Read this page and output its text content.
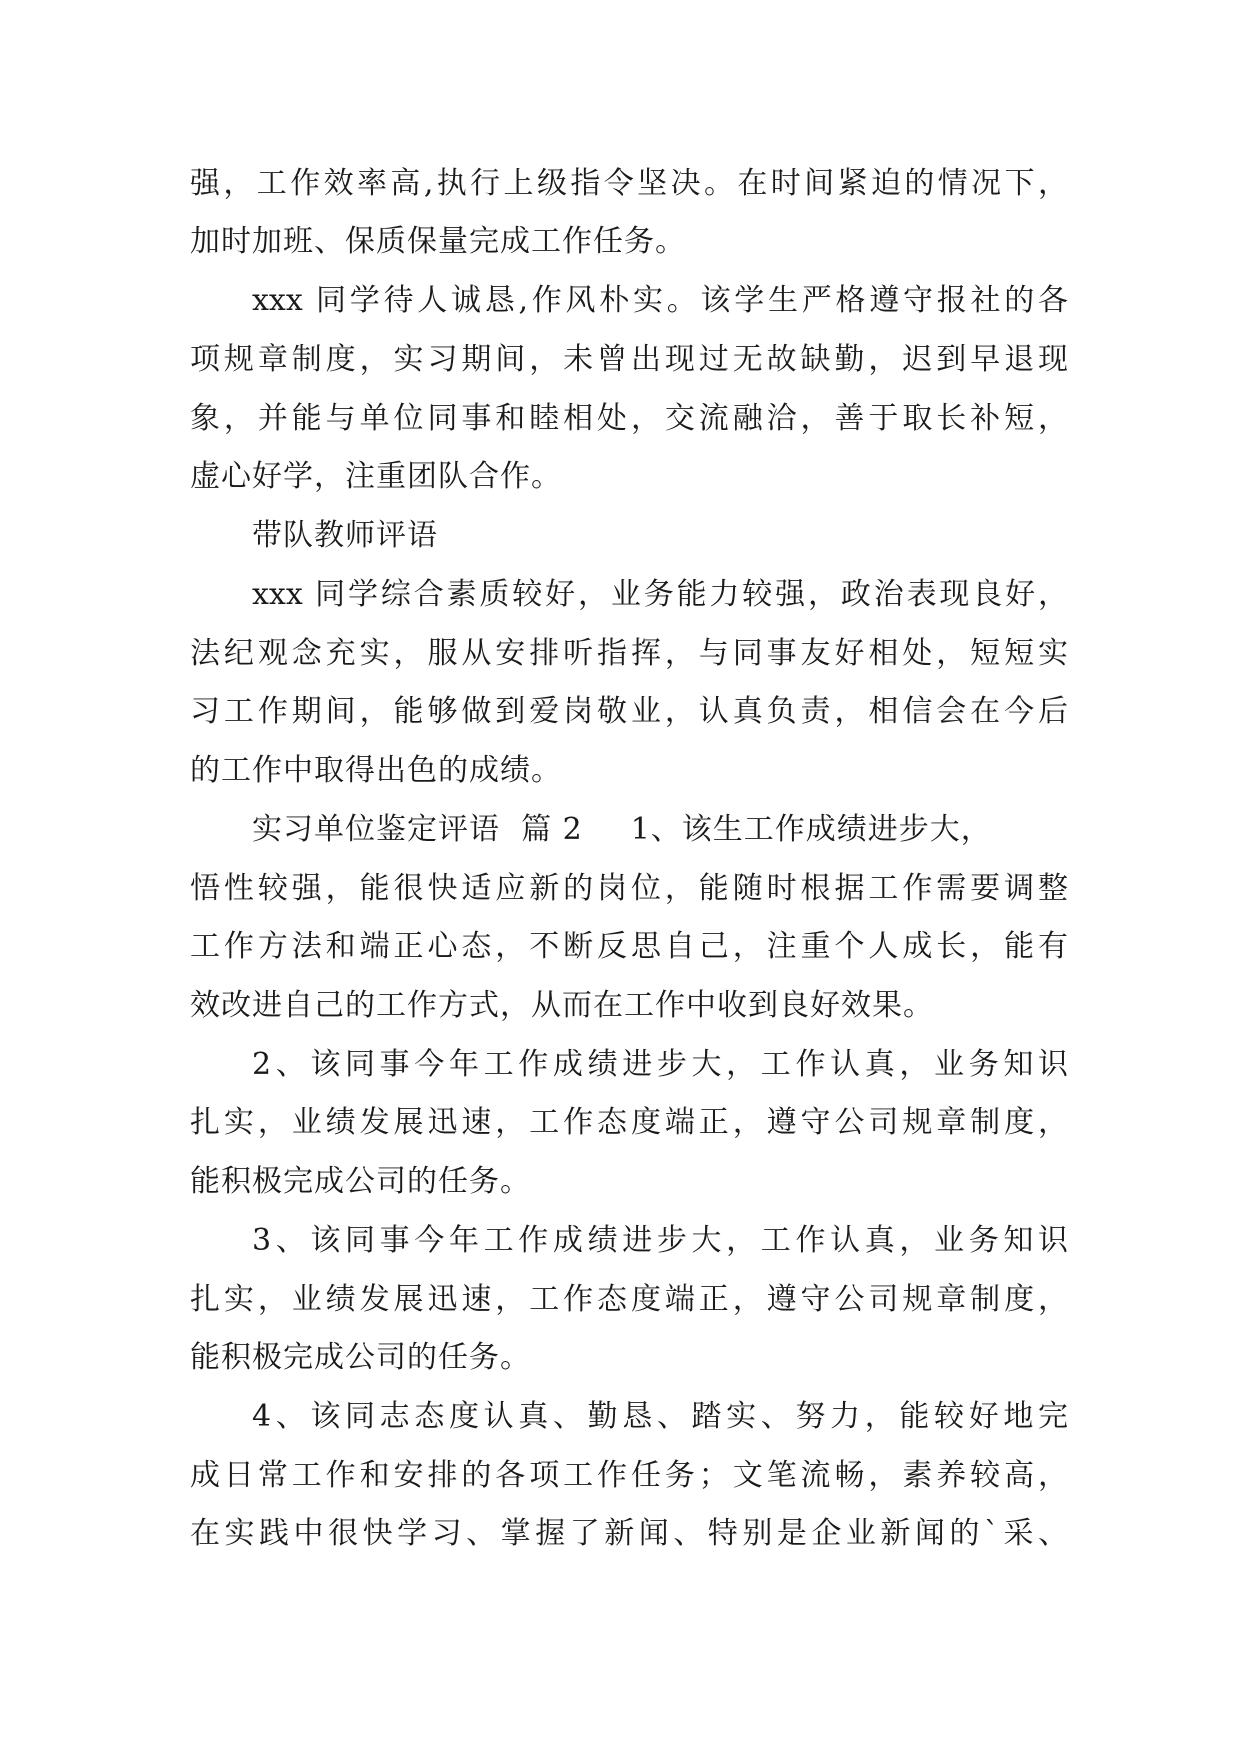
强，工作效率高,执行上级指令坚决。在时间紧迫的情况下，

加时加班、保质保量完成工作任务。

xxx 同学待人诚恳,作风朴实。该学生严格遵守报社的各

项规章制度，实习期间，未曾出现过无故缺勤，迟到早退现

象，并能与单位同事和睦相处，交流融洽，善于取长补短，

虚心好学，注重团队合作。

带队教师评语

xxx 同学综合素质较好，业务能力较强，政治表现良好，

法纪观念充实，服从安排听指挥，与同事友好相处，短短实

习工作期间，能够做到爱岗敬业，认真负责，相信会在今后

的工作中取得出色的成绩。

实习单位鉴定评语 篇 2 1、该生工作成绩进步大，

悟性较强，能很快适应新的岗位，能随时根据工作需要调整

工作方法和端正心态，不断反思自己，注重个人成长，能有

效改进自己的工作方式，从而在工作中收到良好效果。

2、该同事今年工作成绩进步大，工作认真，业务知识

扎实，业绩发展迅速，工作态度端正，遵守公司规章制度，

能积极完成公司的任务。

3、该同事今年工作成绩进步大，工作认真，业务知识

扎实，业绩发展迅速，工作态度端正，遵守公司规章制度，

能积极完成公司的任务。

4、该同志态度认真、勤恳、踏实、努力，能较好地完

成日常工作和安排的各项工作任务；文笔流畅，素养较高，

在实践中很快学习、掌握了新闻、特别是企业新闻的`采、
